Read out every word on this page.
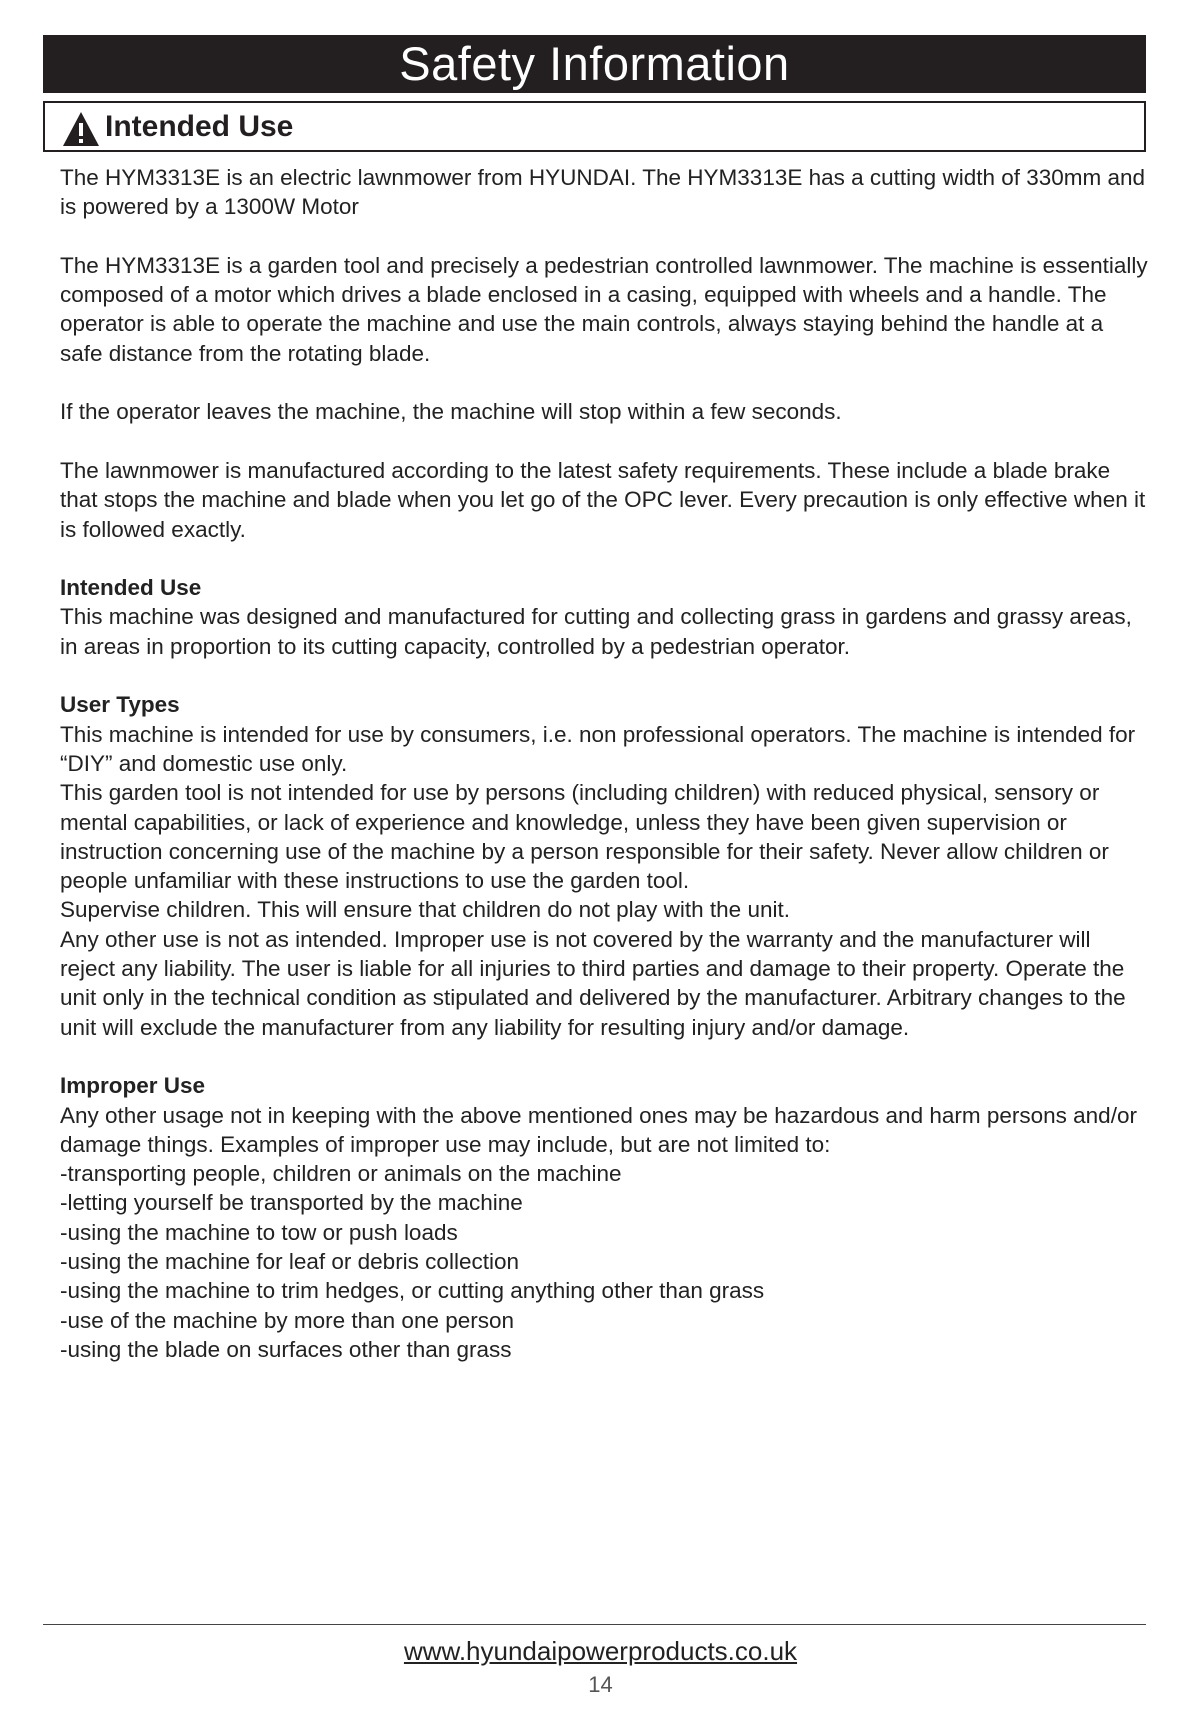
Safety Information
Intended Use

The HYM3313E is an electric lawnmower from HYUNDAI. The HYM3313E has a cutting width of 330mm and is powered by a 1300W Motor

The HYM3313E is a garden tool and precisely a pedestrian controlled lawnmower. The machine is essentially composed of a motor which drives a blade enclosed in a casing, equipped with wheels and a handle. The operator is able to operate the machine and use the main controls, always staying behind the handle at a safe distance from the rotating blade.

If the operator leaves the machine, the machine will stop within a few seconds.

The lawnmower is manufactured according to the latest safety requirements. These include a blade brake that stops the machine and blade when you let go of the OPC lever. Every precaution is only effective when it is followed exactly.

Intended Use
This machine was designed and manufactured for cutting and collecting grass in gardens and grassy areas, in areas in proportion to its cutting capacity, controlled by a pedestrian operator.
User Types
This machine is intended for use by consumers, i.e. non professional operators. The machine is intended for “DIY” and domestic use only.
This garden tool is not intended for use by persons (including children) with reduced physical, sensory or mental capabilities, or lack of experience and knowledge, unless they have been given supervision or instruction concerning use of the machine by a person responsible for their safety. Never allow children or people unfamiliar with these instructions to use the garden tool.
Supervise children. This will ensure that children do not play with the unit.
Any other use is not as intended. Improper use is not covered by the warranty and the manufacturer will reject any liability. The user is liable for all injuries to third parties and damage to their property. Operate the unit only in the technical condition as stipulated and delivered by the manufacturer. Arbitrary changes to the unit will exclude the manufacturer from any liability for resulting injury and/or damage.
Improper Use
Any other usage not in keeping with the above mentioned ones may be hazardous and harm persons and/or damage things. Examples of improper use may include, but are not limited to:
-transporting people, children or animals on the machine
-letting yourself be transported by the machine
-using the machine to tow or push loads
-using the machine for leaf or debris collection
-using the machine to trim hedges, or cutting anything other than grass
-use of the machine by more than one person
-using the blade on surfaces other than grass
www.hyundaipowerproducts.co.uk
14
